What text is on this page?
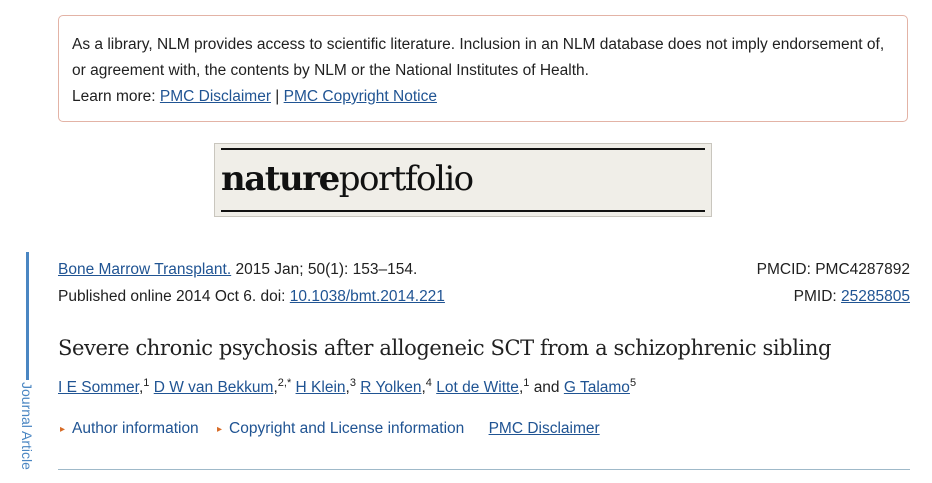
As a library, NLM provides access to scientific literature. Inclusion in an NLM database does not imply endorsement of, or agreement with, the contents by NLM or the National Institutes of Health.

Learn more: PMC Disclaimer | PMC Copyright Notice

natureportfolio
Journal Article
Bone Marrow Transplant. 2015 Jan; 50(1): 153–154.
Published online 2014 Oct 6. doi: 10.1038/bmt.2014.221
PMCID: PMC4287892
PMID: 25285805
Severe chronic psychosis after allogeneic SCT from a schizophrenic sibling
I E Sommer,$^1$ D W van Bekkum,$^{2,*}$ H Klein,$^3$ R Yolken,$^4$ Lot de Witte,$^1$ and G Talamo$^5$
▸ Author information ▸ Copyright and License information PMC Disclaimer
